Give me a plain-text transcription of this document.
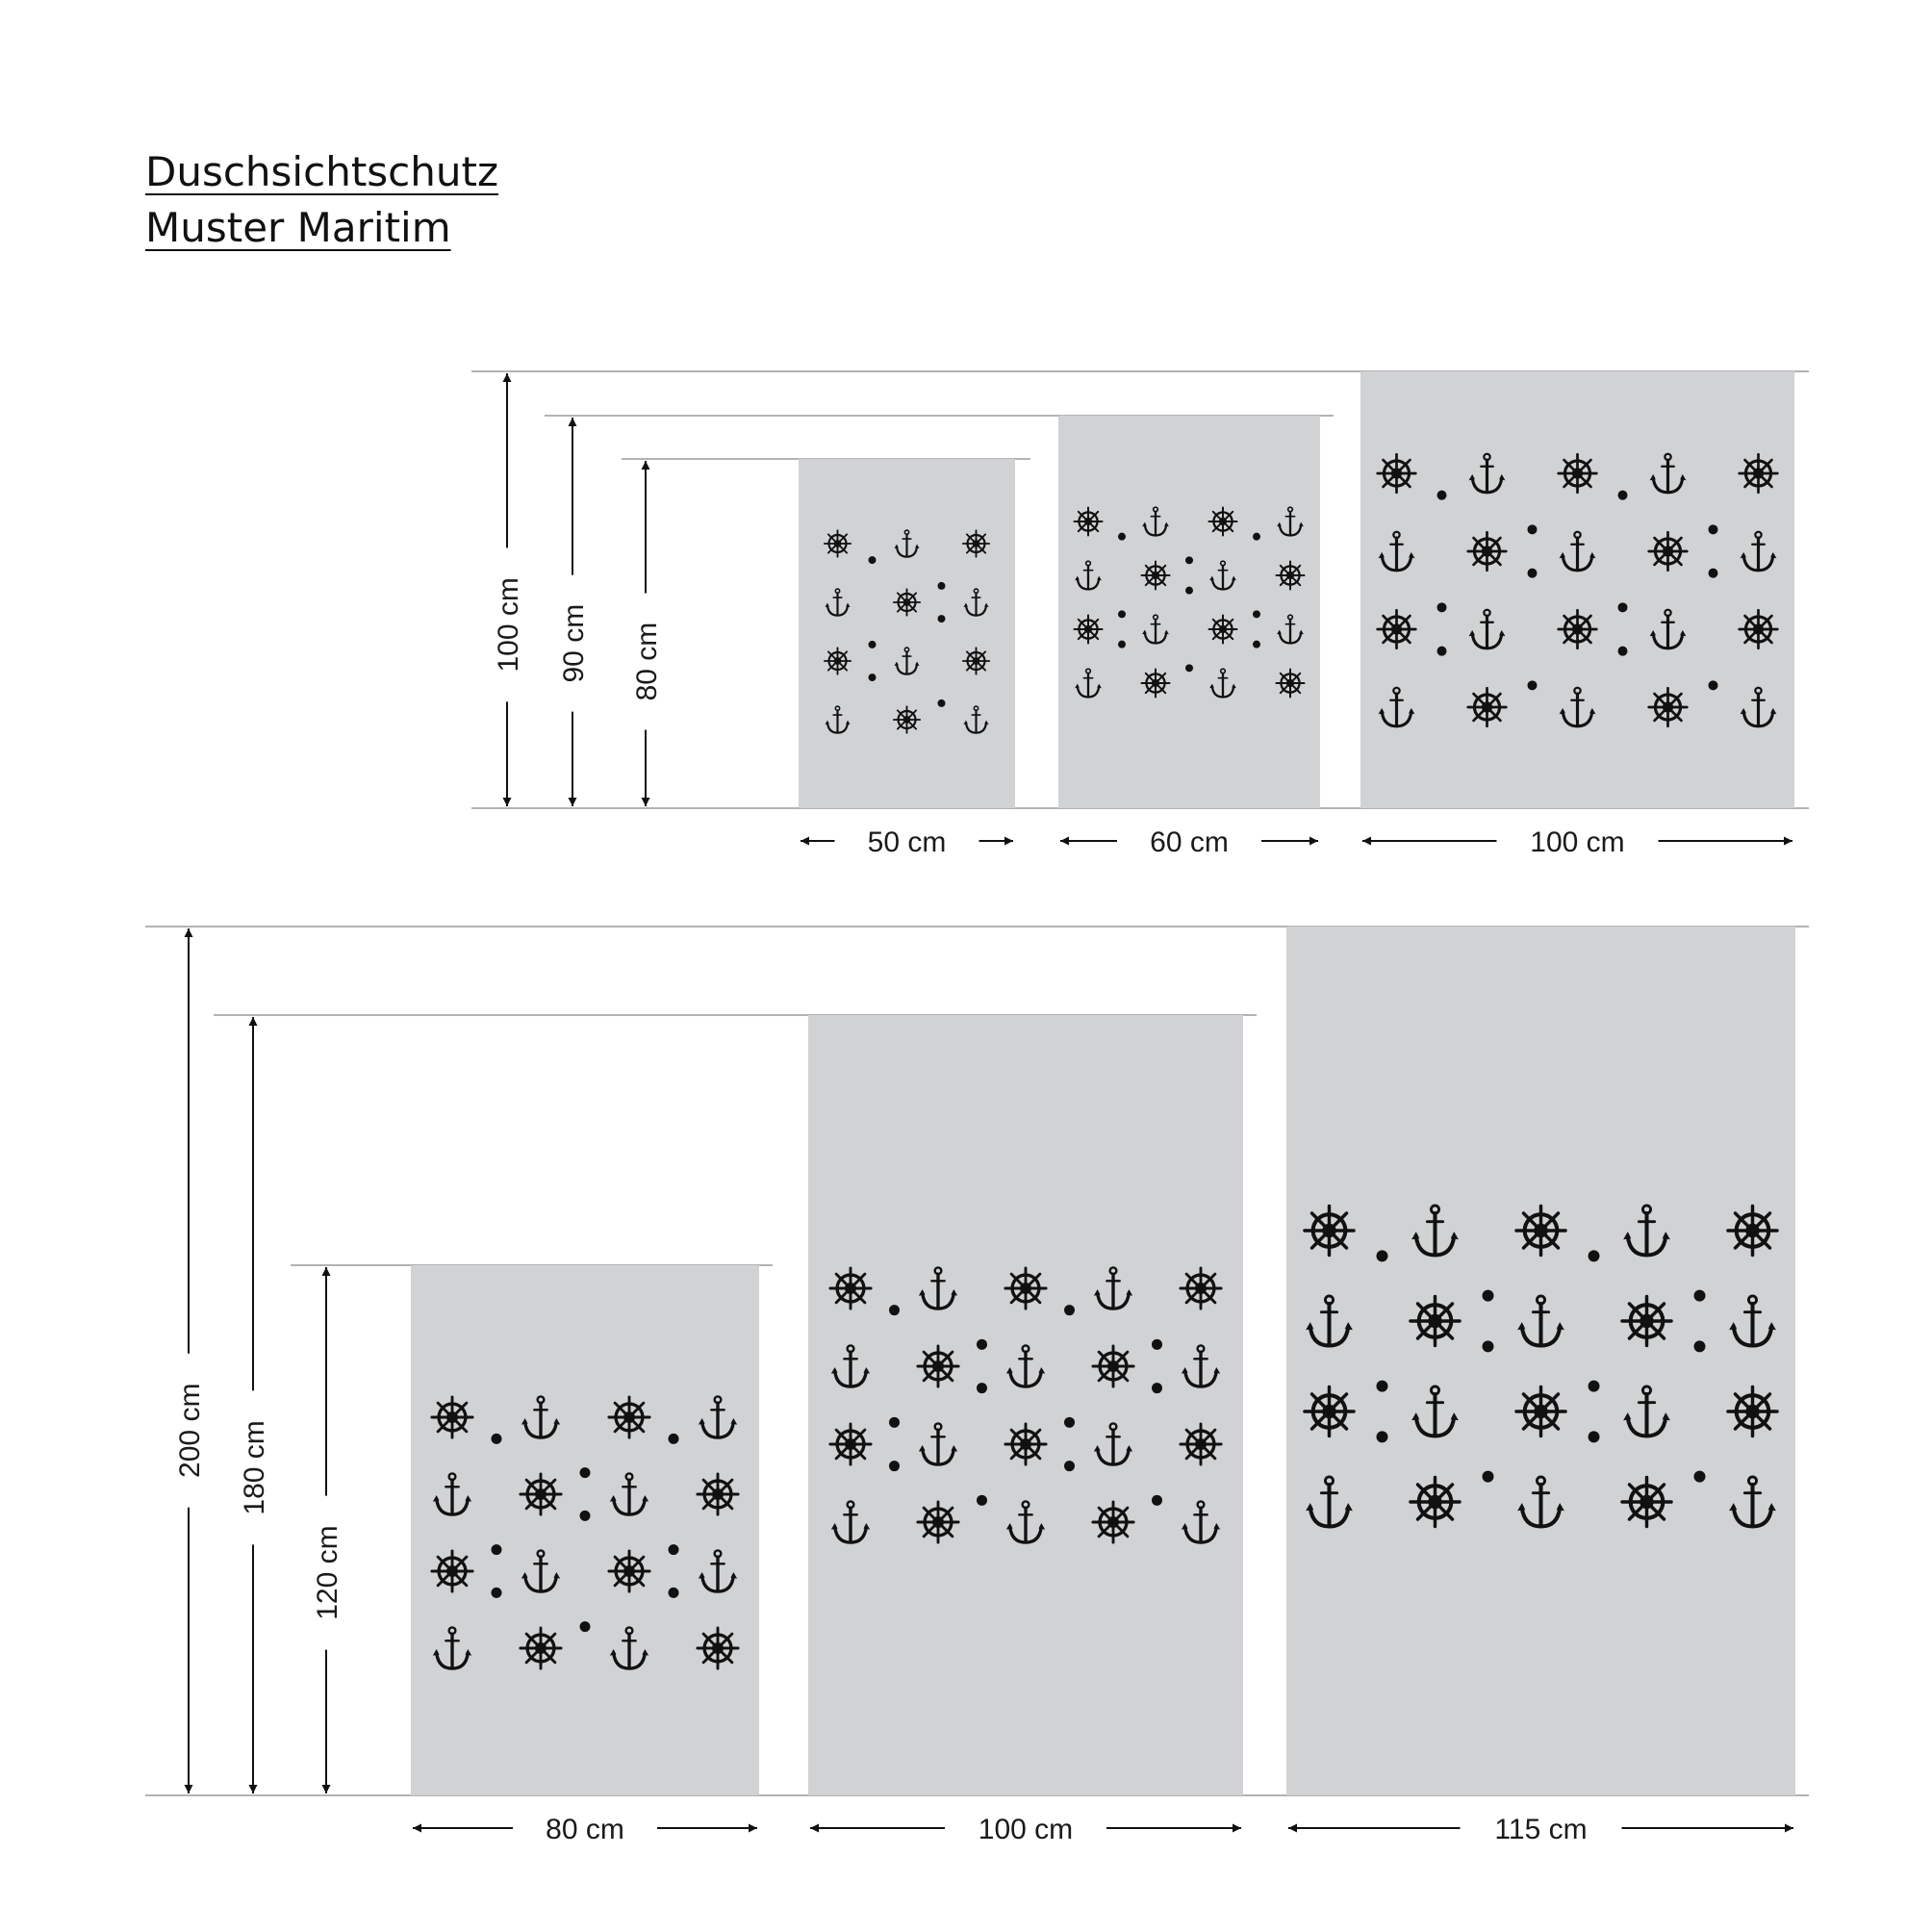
Duschsichtschutz
Muster Maritim
100 cm 90 cm 80 cm
50 cm	60 cm	100 cm
200 cm 180 cm
120 cm
80 cm	100 cm	115 cm
